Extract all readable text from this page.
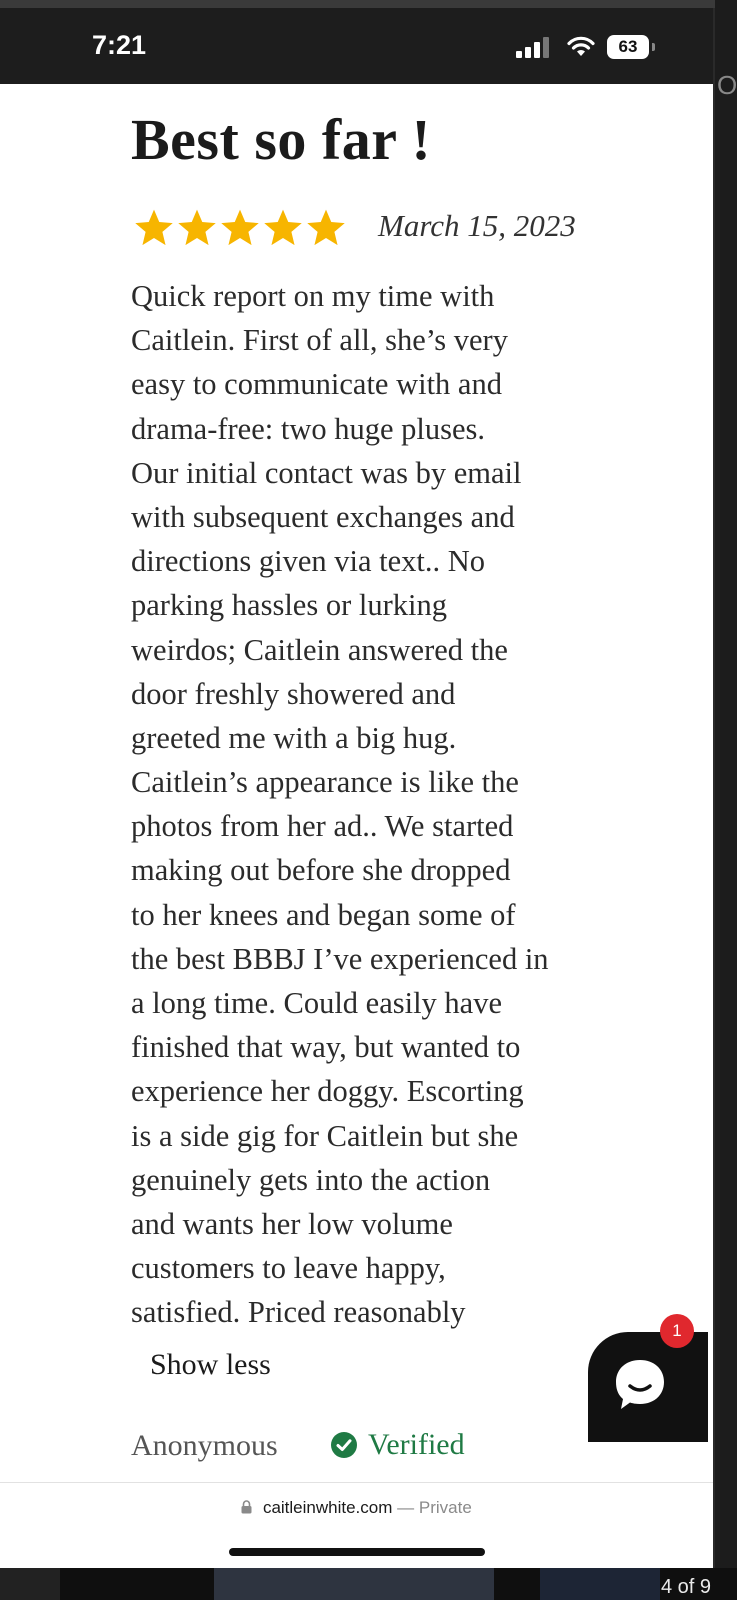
O
7:21	63
Best so far !
March 15, 2023
Quick report on my time with
Caitlein. First of all, she’s very
easy to communicate with and
drama-free: two huge pluses.
Our initial contact was by email
with subsequent exchanges and
directions given via text.. No
parking hassles or lurking
weirdos; Caitlein answered the
door freshly showered and
greeted me with a big hug.
Caitlein’s appearance is like the
photos from her ad.. We started
making out before she dropped
to her knees and began some of
the best BBBJ I’ve experienced in
a long time. Could easily have
finished that way, but wanted to
experience her doggy. Escorting
is a side gig for Caitlein but she
genuinely gets into the action
and wants her low volume
customers to leave happy,
satisfied. Priced reasonably
Show less
Anonymous	Verified
1
caitleinwhite.com — Private
4 of 9
